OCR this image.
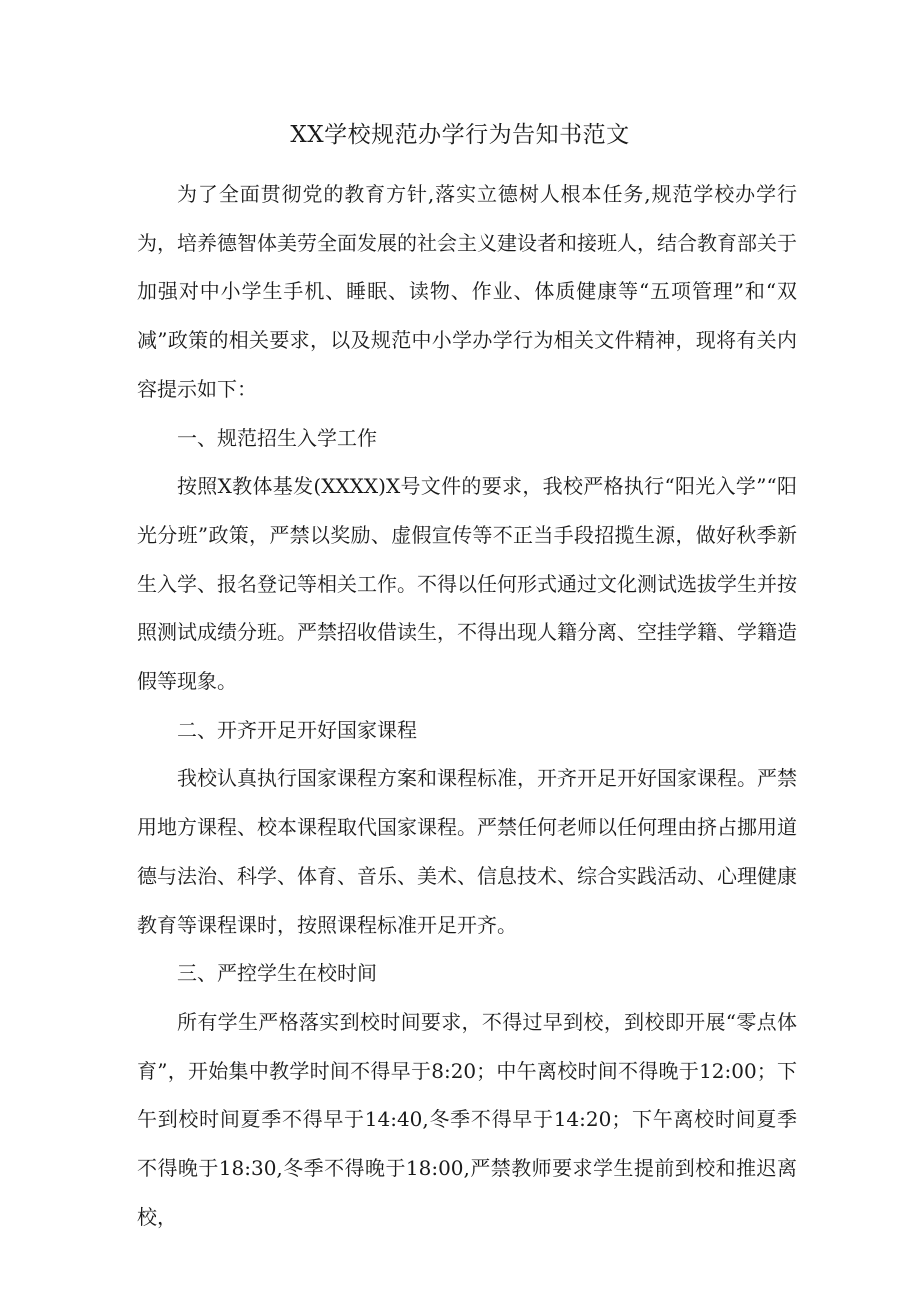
XX学校规范办学行为告知书范文

为了全面贯彻党的教育方针,落实立德树人根本任务,规范学校办学行为，培养德智体美劳全面发展的社会主义建设者和接班人，结合教育部关于加强对中小学生手机、睡眠、读物、作业、体质健康等“五项管理”和“双减”政策的相关要求，以及规范中小学办学行为相关文件精神，现将有关内容提示如下：

一、规范招生入学工作

按照X教体基发(XXXX)X号文件的要求，我校严格执行“阳光入学”“阳光分班”政策，严禁以奖励、虚假宣传等不正当手段招揽生源，做好秋季新生入学、报名登记等相关工作。不得以任何形式通过文化测试选拔学生并按照测试成绩分班。严禁招收借读生，不得出现人籍分离、空挂学籍、学籍造假等现象。

二、开齐开足开好国家课程

我校认真执行国家课程方案和课程标准，开齐开足开好国家课程。严禁用地方课程、校本课程取代国家课程。严禁任何老师以任何理由挤占挪用道德与法治、科学、体育、音乐、美术、信息技术、综合实践活动、心理健康教育等课程课时，按照课程标准开足开齐。

三、严控学生在校时间

所有学生严格落实到校时间要求，不得过早到校，到校即开展“零点体育”，开始集中教学时间不得早于8:20；中午离校时间不得晚于12:00；下午到校时间夏季不得早于14:40,冬季不得早于14:20；下午离校时间夏季不得晚于18:30,冬季不得晚于18:00,严禁教师要求学生提前到校和推迟离校，
